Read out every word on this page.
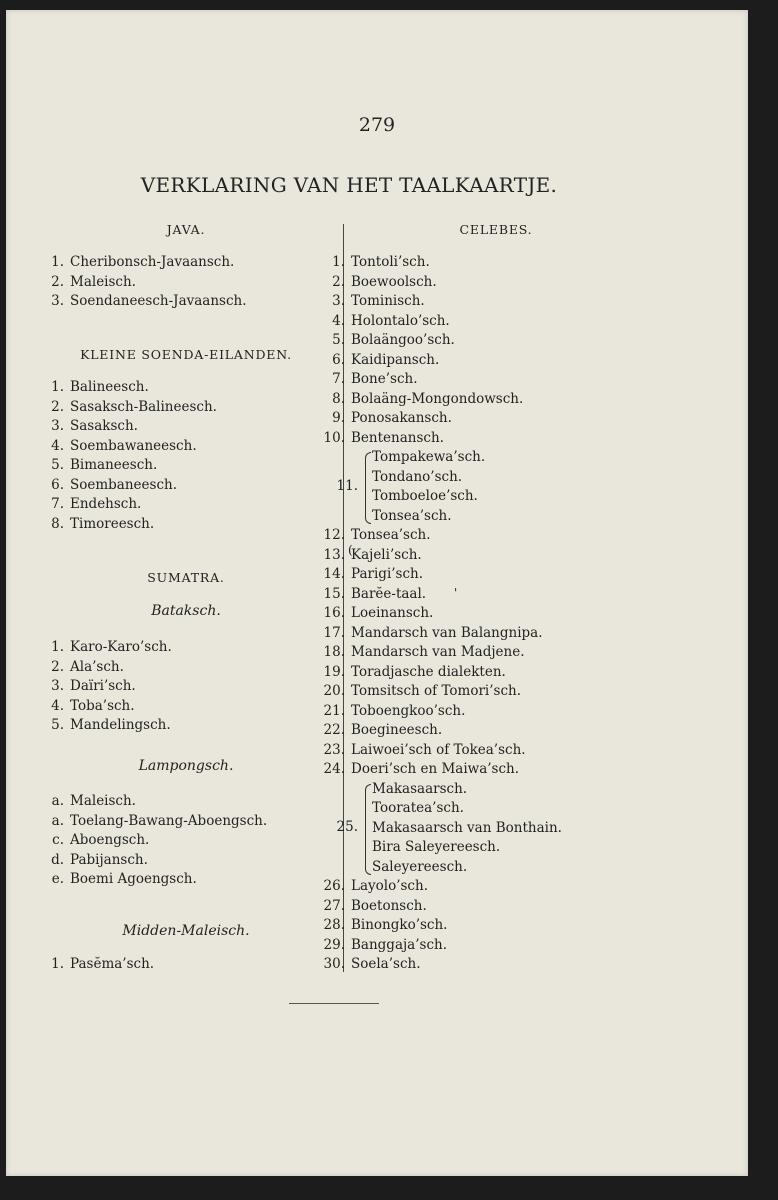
279
VERKLARING VAN HET TAALKAARTJE.
JAVA.
1. Cheribonsch-Javaansch.
2. Maleisch.
3. Soendaneesch-Javaansch.
KLEINE SOENDA-EILANDEN.
1. Balineesch.
2. Sasaksch-Balineesch.
3. Sasaksch.
4. Soembawaneesch.
5. Bimaneesch.
6. Soembaneesch.
7. Endehsch.
8. Timoreesch.
SUMATRA.
Bataksch.
1. Karo-Karo’sch.
2. Ala’sch.
3. Daïri’sch.
4. Toba’sch.
5. Mandelingsch.
Lampongsch.
a. Maleisch.
a. Toelang-Bawang-Aboengsch.
c. Aboengsch.
d. Pabijansch.
e. Boemi Agoengsch.
Midden-Maleisch.
1. Pasĕma’sch.
CELEBES.
1. Tontoli’sch.
2. Boewoolsch.
3. Tominisch.
4. Holontalo’sch.
5. Bolaängoo’sch.
6. Kaidipansch.
7. Bone’sch.
8. Bolaäng-Mongondowsch.
9. Ponosakansch.
10. Bentenansch.
Tompakewa’sch.
Tondano’sch.
Tomboeloe’sch.
Tonsea’sch.
11.
12. Tonsea’sch.
13. Kajeli’sch.
14. Parigi’sch.
15. Barĕe-taal.
16. Loeinansch.
17. Mandarsch van Balangnipa.
18. Mandarsch van Madjene.
19. Toradjasche dialekten.
20. Tomsitsch of Tomori’sch.
21. Toboengkoo’sch.
22. Boegineesch.
23. Laiwoei’sch of Tokea’sch.
24. Doeri’sch en Maiwa’sch.
Makasaarsch.
Tooratea’sch.
Makasaarsch van Bonthain.
Bira Saleyereesch.
Saleyereesch.
25.
26. Layolo’sch.
27. Boetonsch.
28. Binongko’sch.
29. Banggaja’sch.
30. Soela’sch.
(
'
